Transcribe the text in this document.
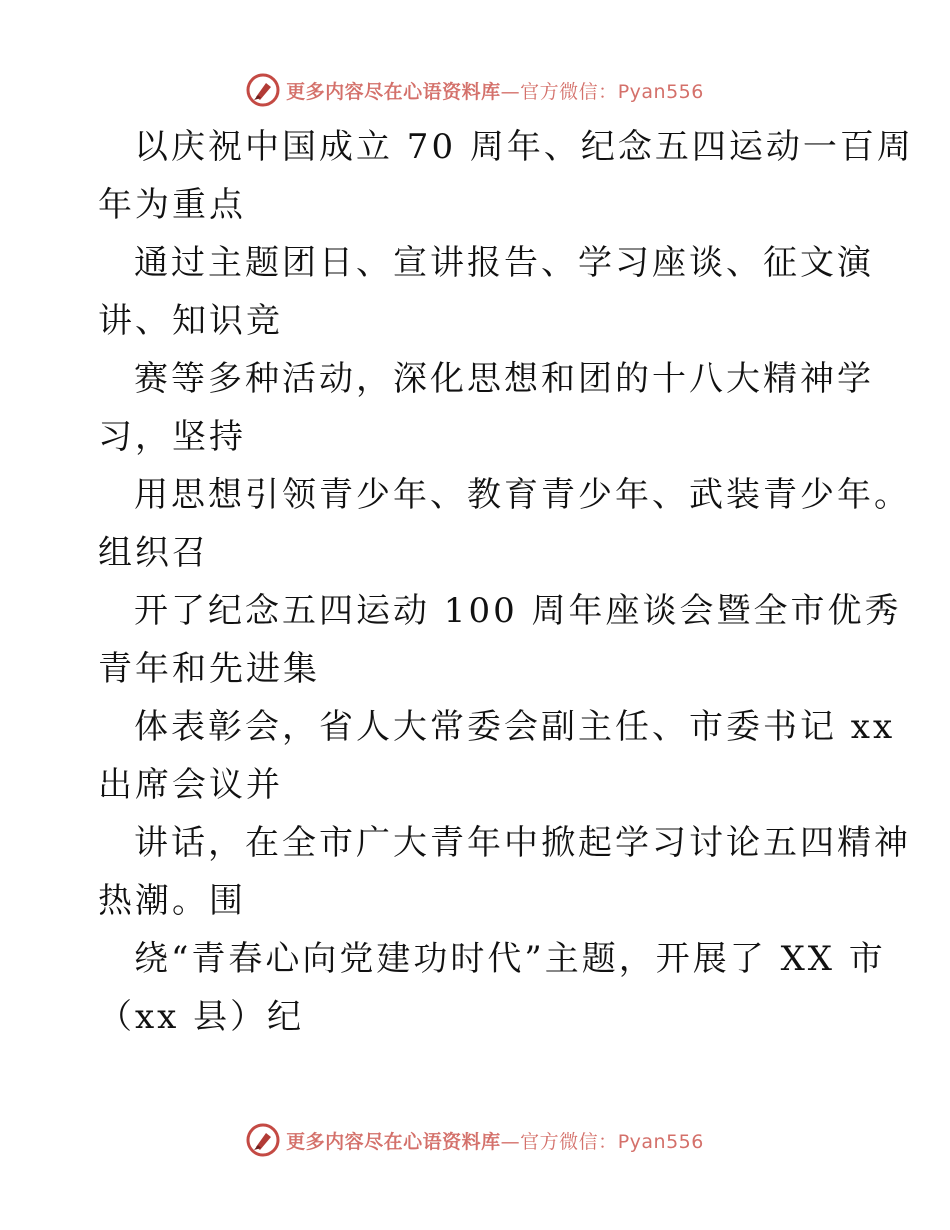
更多内容尽在心语资料库—官方微信：Pyan556
以庆祝中国成立 70 周年、纪念五四运动一百周
年为重点
通过主题团日、宣讲报告、学习座谈、征文演
讲、知识竞
赛等多种活动，深化思想和团的十八大精神学
习，坚持
用思想引领青少年、教育青少年、武装青少年。
组织召
开了纪念五四运动 100 周年座谈会暨全市优秀
青年和先进集
体表彰会，省人大常委会副主任、市委书记 xx
出席会议并
讲话，在全市广大青年中掀起学习讨论五四精神
热潮。围
绕“青春心向党建功时代”主题，开展了 XX 市
（xx 县）纪
更多内容尽在心语资料库—官方微信：Pyan556
